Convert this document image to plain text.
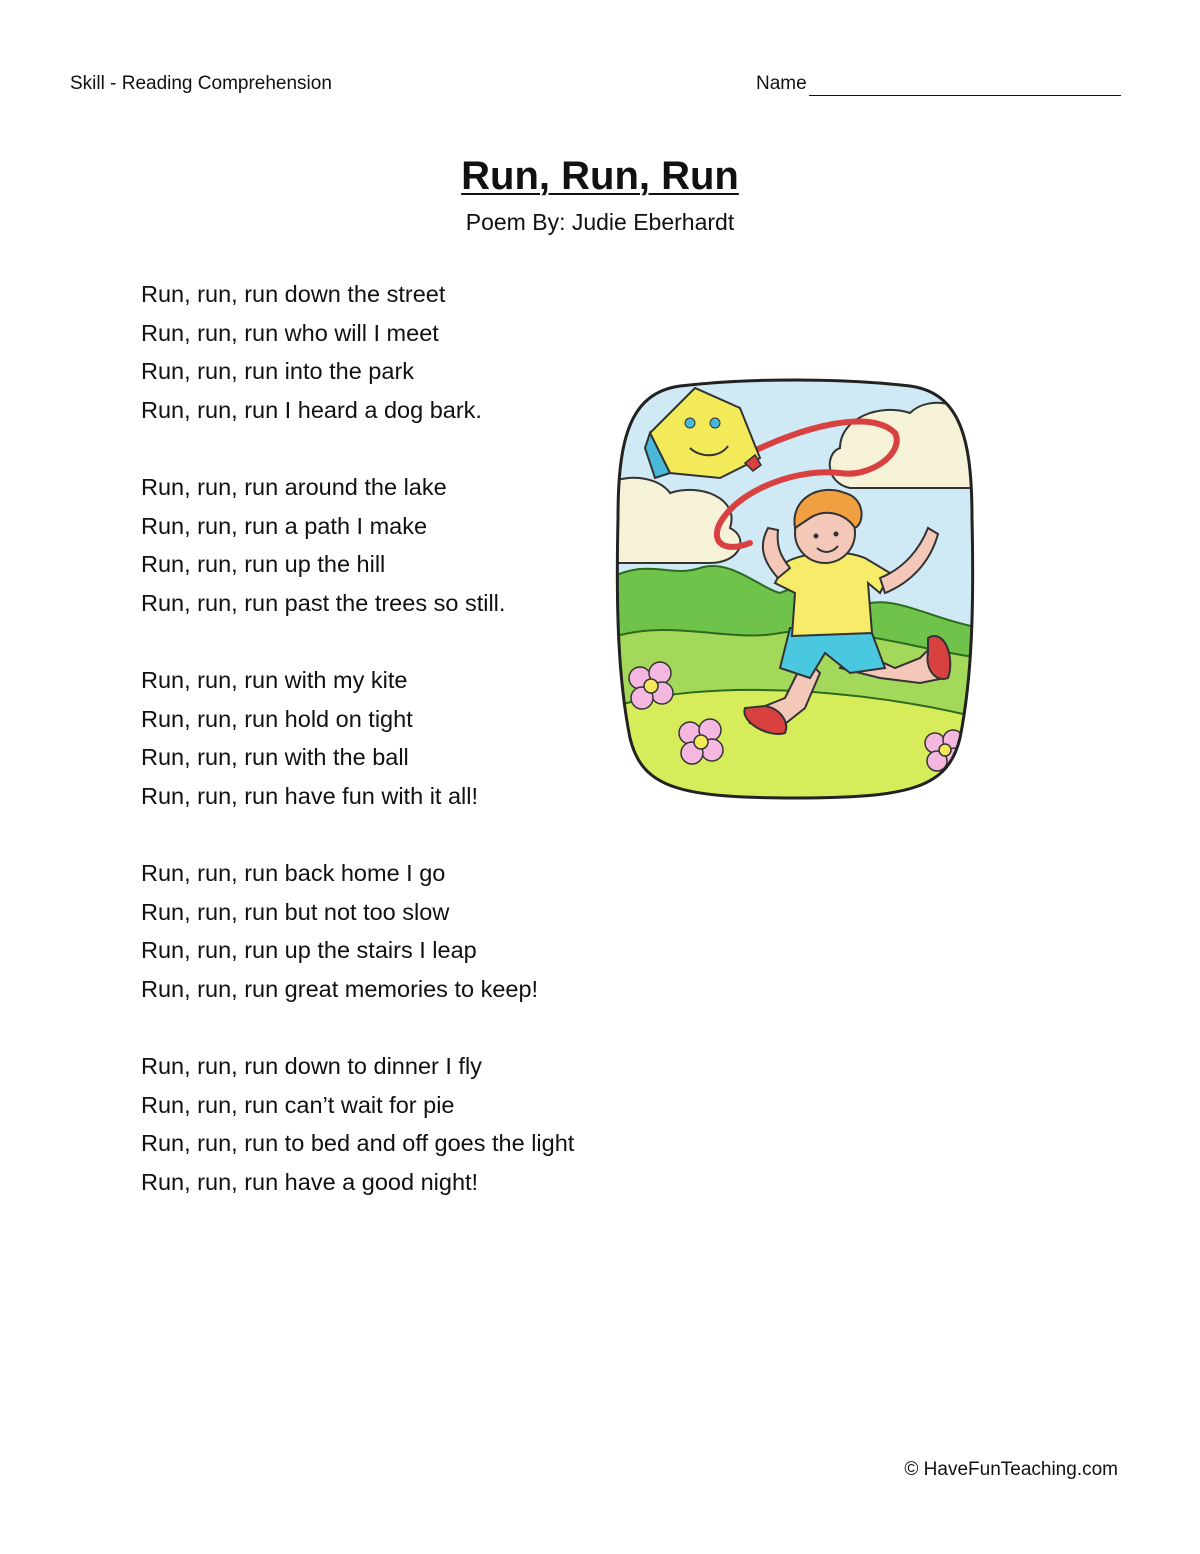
Skill - Reading Comprehension	Name
Run, Run, Run
Poem By: Judie Eberhardt
Run, run, run down the street
Run, run, run who will I meet
Run, run, run into the park
Run, run, run I heard a dog bark.
Run, run, run around the lake
Run, run, run a path I make
Run, run, run up the hill
Run, run, run past the trees so still.
Run, run, run with my kite
Run, run, run hold on tight
Run, run, run with the ball
Run, run, run have fun with it all!
Run, run, run back home I go
Run, run, run but not too slow
Run, run, run up the stairs I leap
Run, run, run great memories to keep!
Run, run, run down to dinner I fly
Run, run, run can’t wait for pie
Run, run, run to bed and off goes the light
Run, run, run have a good night!
© HaveFunTeaching.com
